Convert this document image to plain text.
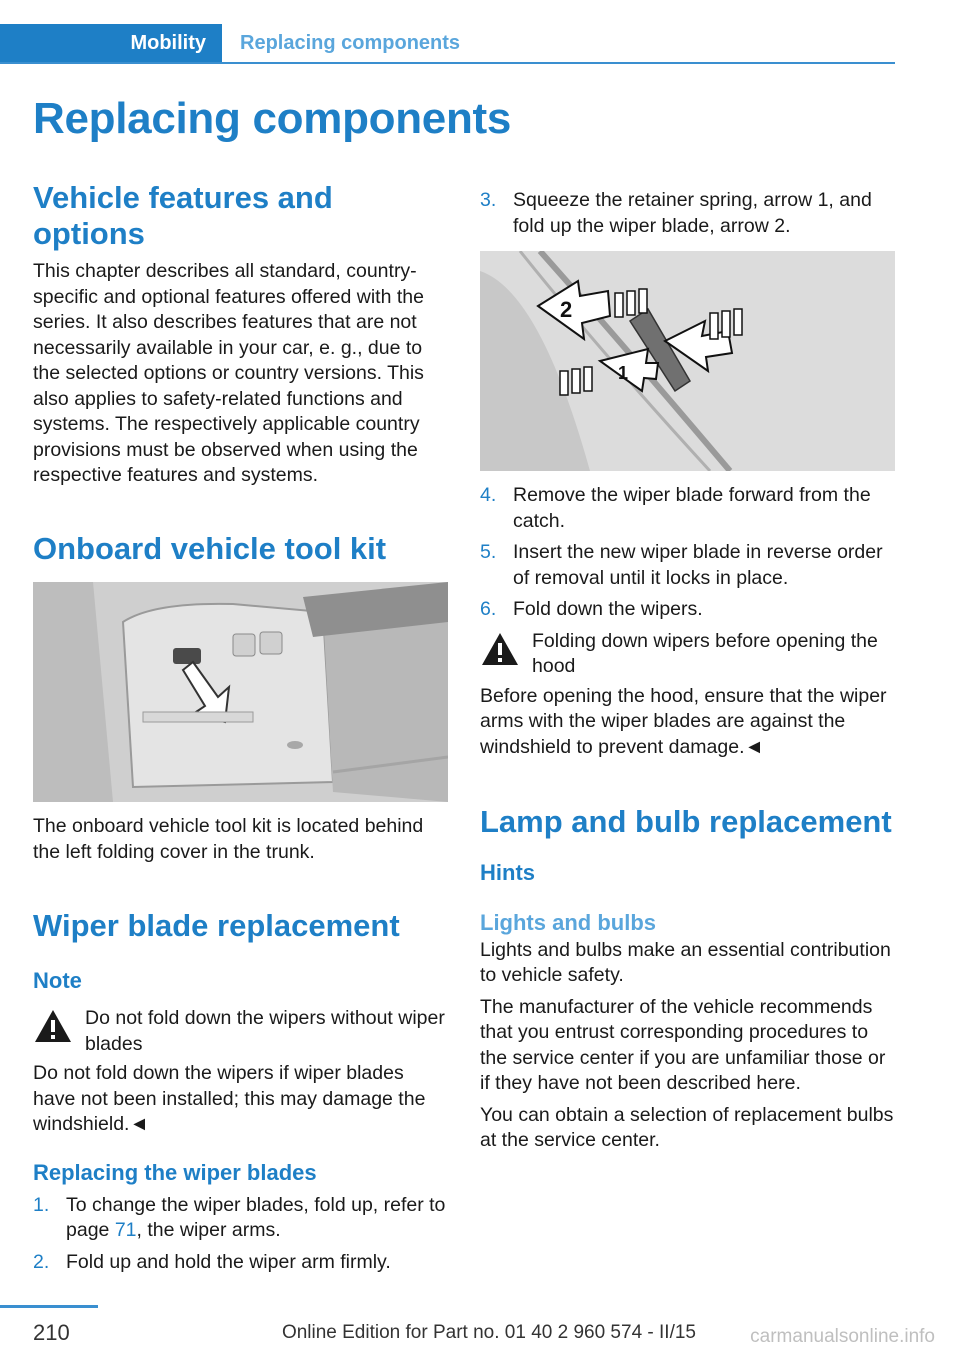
Mobility Replacing components
Replacing components
Vehicle features and options

This chapter describes all standard, country-specific and optional features offered with the series. It also describes features that are not necessarily available in your car, e. g., due to the selected options or country versions. This also applies to safety-related functions and systems. The respectively applicable country provisions must be observed when using the respective features and systems.

Onboard vehicle tool kit

The onboard vehicle tool kit is located behind the left folding cover in the trunk.

Wiper blade replacement
Note
Do not fold down the wipers without wiper blades

Do not fold down the wipers if wiper blades have not been installed; this may damage the windshield.◄

Replacing the wiper blades
1. To change the wiper blades, fold up, refer to page 71, the wiper arms.
2. Fold up and hold the wiper arm firmly.
3. Squeeze the retainer spring, arrow 1, and fold up the wiper blade, arrow 2.
2
1
4. Remove the wiper blade forward from the catch.
5. Insert the new wiper blade in reverse order of removal until it locks in place.
6. Fold down the wipers.
Folding down wipers before opening the hood

Before opening the hood, ensure that the wiper arms with the wiper blades are against the windshield to prevent damage.◄

Lamp and bulb replacement
Hints
Lights and bulbs

Lights and bulbs make an essential contribution to vehicle safety.

The manufacturer of the vehicle recommends that you entrust corresponding procedures to the service center if you are unfamiliar those or if they have not been described here.

You can obtain a selection of replacement bulbs at the service center.

210	Online Edition for Part no. 01 40 2 960 574 - II/15	carmanualsonline.info
